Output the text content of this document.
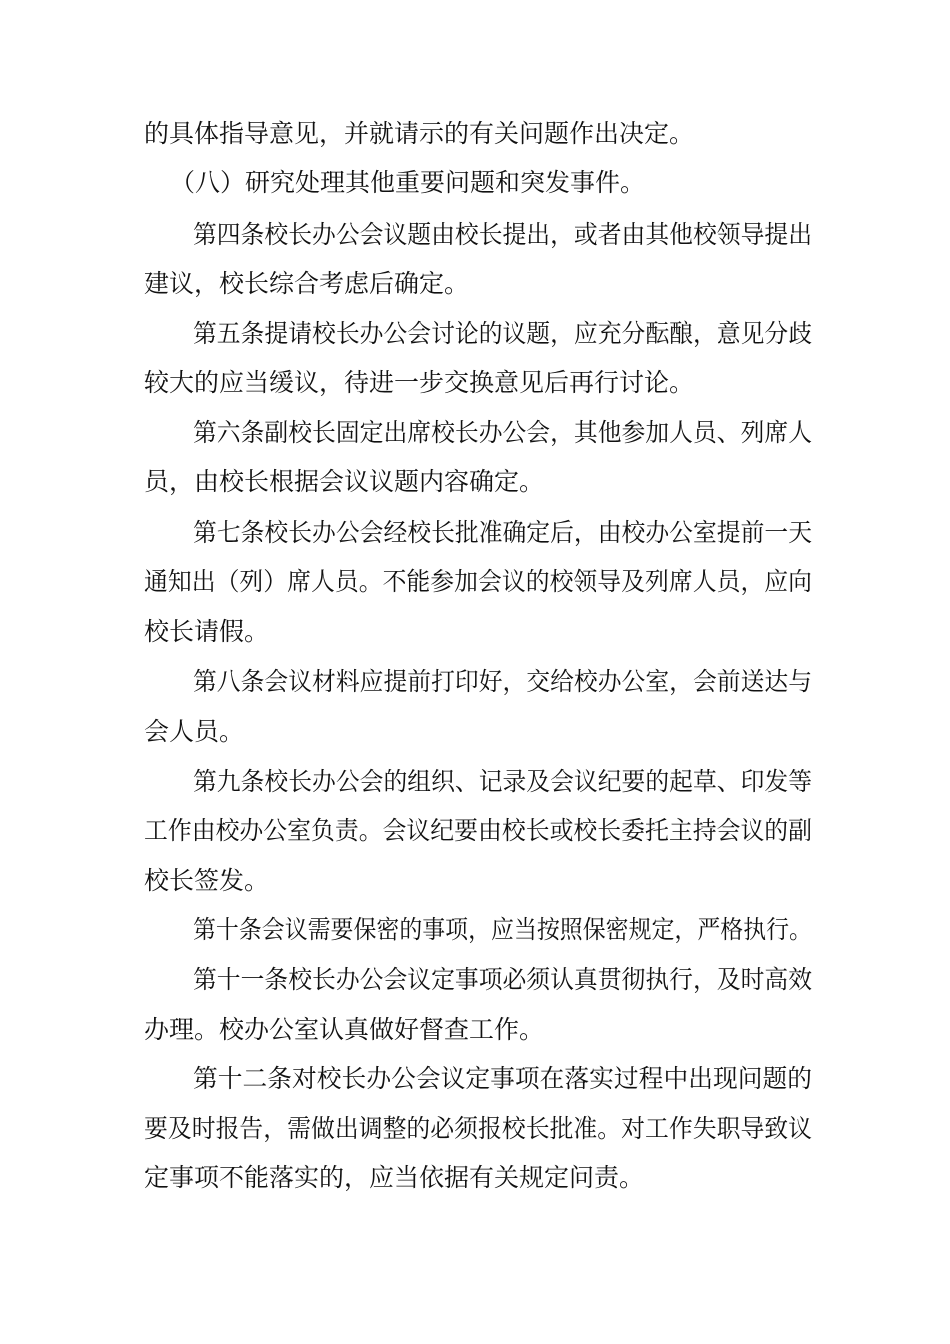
的具体指导意见，并就请示的有关问题作出决定。
（八）研究处理其他重要问题和突发事件。
第四条校长办公会议题由校长提出，或者由其他校领导提出
建议，校长综合考虑后确定。
第五条提请校长办公会讨论的议题，应充分酝酿，意见分歧
较大的应当缓议，待进一步交换意见后再行讨论。
第六条副校长固定出席校长办公会，其他参加人员、列席人
员，由校长根据会议议题内容确定。
第七条校长办公会经校长批准确定后，由校办公室提前一天
通知出（列）席人员。不能参加会议的校领导及列席人员，应向
校长请假。
第八条会议材料应提前打印好，交给校办公室，会前送达与
会人员。
第九条校长办公会的组织、记录及会议纪要的起草、印发等
工作由校办公室负责。会议纪要由校长或校长委托主持会议的副
校长签发。
第十条会议需要保密的事项，应当按照保密规定，严格执行。
第十一条校长办公会议定事项必须认真贯彻执行，及时高效
办理。校办公室认真做好督查工作。
第十二条对校长办公会议定事项在落实过程中出现问题的
要及时报告，需做出调整的必须报校长批准。对工作失职导致议
定事项不能落实的，应当依据有关规定问责。
